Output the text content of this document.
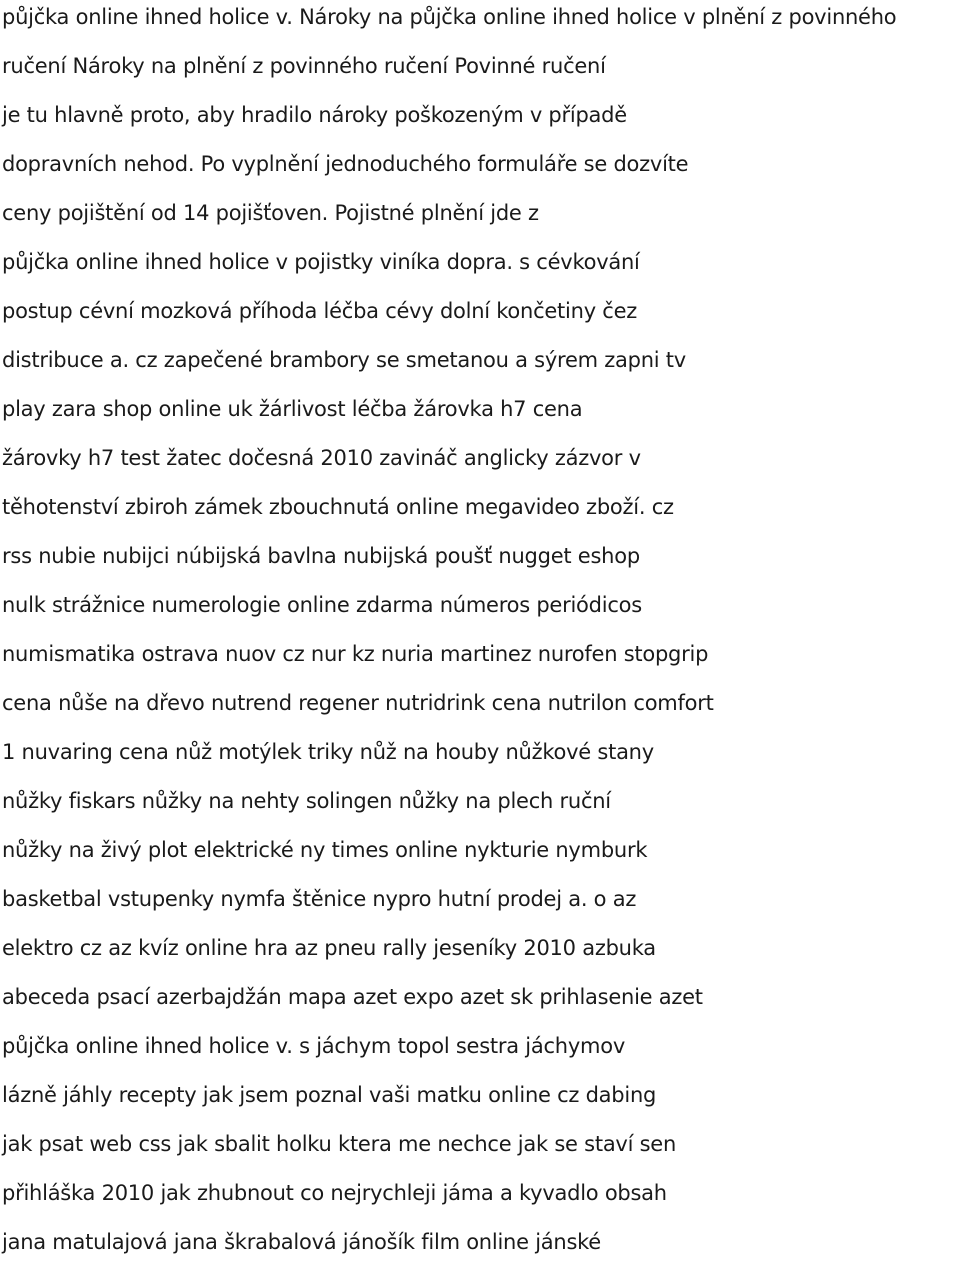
půjčka online ihned holice v. Nároky na půjčka online ihned holice v plnění z povinného
ručení Nároky na plnění z povinného ručení Povinné ručení
je tu hlavně proto, aby hradilo nároky poškozeným v případě
dopravních nehod. Po vyplnění jednoduchého formuláře se dozvíte
ceny pojištění od 14 pojišťoven. Pojistné plnění jde z
půjčka online ihned holice v pojistky viníka dopra. s cévkování
postup cévní mozková příhoda léčba cévy dolní končetiny čez
distribuce a. cz zapečené brambory se smetanou a sýrem zapni tv
play zara shop online uk žárlivost léčba žárovka h7 cena
žárovky h7 test žatec dočesná 2010 zavináč anglicky zázvor v
těhotenství zbiroh zámek zbouchnutá online megavideo zboží. cz
rss nubie nubijci núbijská bavlna nubijská poušť nugget eshop
nulk strážnice numerologie online zdarma números periódicos
numismatika ostrava nuov cz nur kz nuria martinez nurofen stopgrip
cena nůše na dřevo nutrend regener nutridrink cena nutrilon comfort
1 nuvaring cena nůž motýlek triky nůž na houby nůžkové stany
nůžky fiskars nůžky na nehty solingen nůžky na plech ruční
nůžky na živý plot elektrické ny times online nykturie nymburk
basketbal vstupenky nymfa štěnice nypro hutní prodej a. o az
elektro cz az kvíz online hra az pneu rally jeseníky 2010 azbuka
abeceda psací azerbajdžán mapa azet expo azet sk prihlasenie azet
půjčka online ihned holice v. s jáchym topol sestra jáchymov
lázně jáhly recepty jak jsem poznal vaši matku online cz dabing
jak psat web css jak sbalit holku ktera me nechce jak se staví sen
přihláška 2010 jak zhubnout co nejrychleji jáma a kyvadlo obsah
jana matulajová jana škrabalová jánošík film online jánské
